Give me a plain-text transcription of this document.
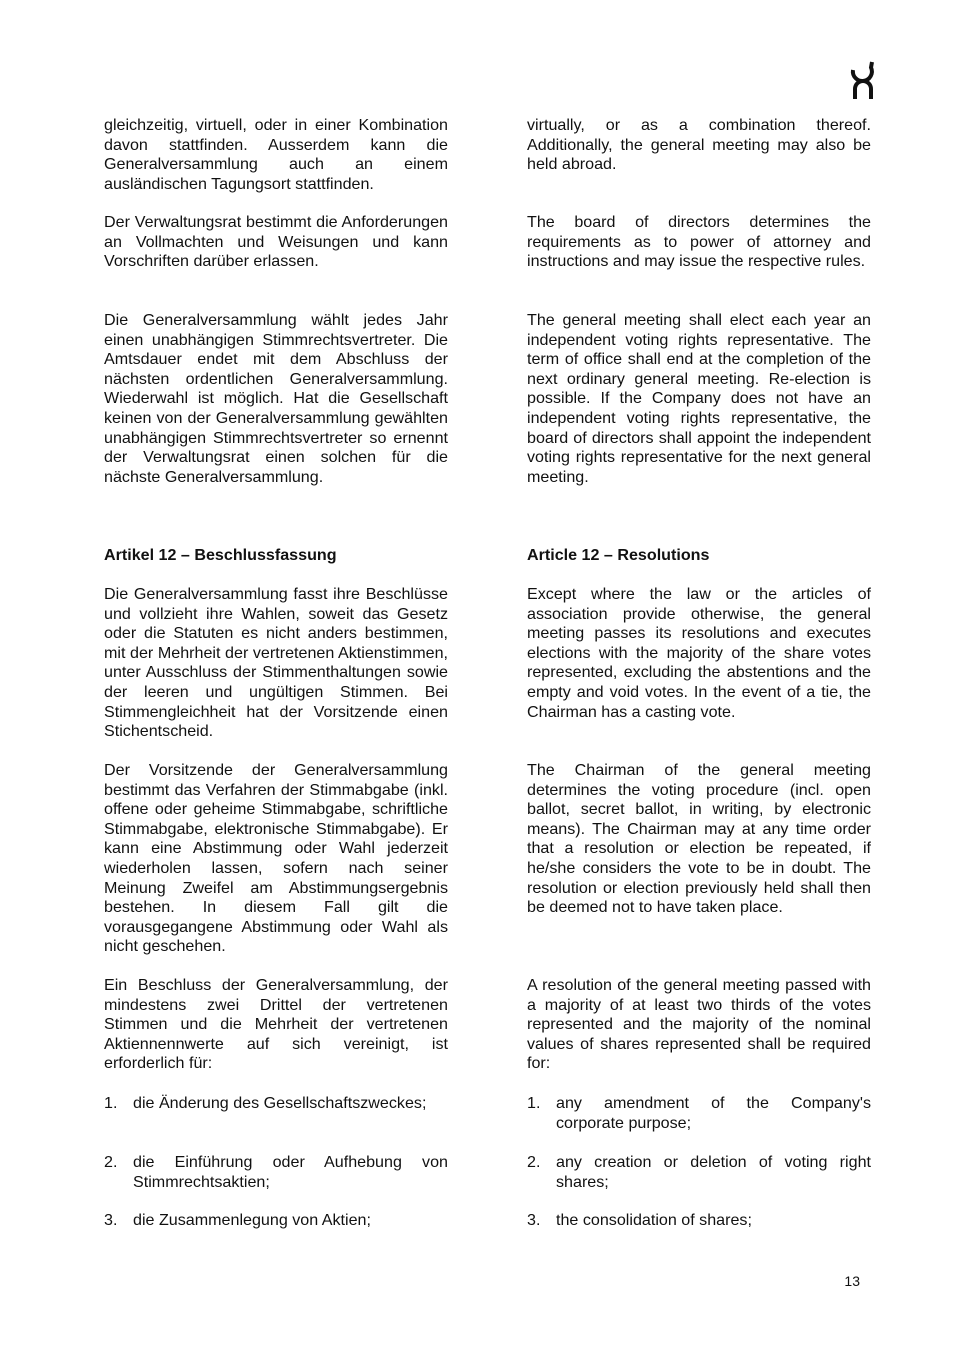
gleichzeitig, virtuell, oder in einer Kombination davon stattfinden. Ausserdem kann die Generalversammlung auch an einem ausländischen Tagungsort stattfinden.

Der Verwaltungsrat bestimmt die Anforderungen an Vollmachten und Weisungen und kann Vorschriften darüber erlassen.

Die Generalversammlung wählt jedes Jahr einen unabhängigen Stimmrechtsvertreter. Die Amtsdauer endet mit dem Abschluss der nächsten ordentlichen Generalversammlung. Wiederwahl ist möglich. Hat die Gesellschaft keinen von der Generalversammlung gewählten unabhängigen Stimmrechtsvertreter so ernennt der Verwaltungsrat einen solchen für die nächste Generalversammlung.

Artikel 12 – Beschlussfassung

Die Generalversammlung fasst ihre Beschlüsse und vollzieht ihre Wahlen, soweit das Gesetz oder die Statuten es nicht anders bestimmen, mit der Mehrheit der vertretenen Aktienstimmen, unter Ausschluss der Stimmenthaltungen sowie der leeren und ungültigen Stimmen. Bei Stimmengleichheit hat der Vorsitzende einen Stichentscheid.

Der Vorsitzende der Generalversammlung bestimmt das Verfahren der Stimmabgabe (inkl. offene oder geheime Stimmabgabe, schriftliche Stimmabgabe, elektronische Stimmabgabe). Er kann eine Abstimmung oder Wahl jederzeit wiederholen lassen, sofern nach seiner Meinung Zweifel am Abstimmungsergebnis bestehen. In diesem Fall gilt die vorausgegangene Abstimmung oder Wahl als nicht geschehen.

Ein Beschluss der Generalversammlung, der mindestens zwei Drittel der vertretenen Stimmen und die Mehrheit der vertretenen Aktiennennwerte auf sich vereinigt, ist erforderlich für:

1. die Änderung des Gesellschaftszweckes;
2. die Einführung oder Aufhebung von Stimmrechtsaktien;
3. die Zusammenlegung von Aktien;

virtually, or as a combination thereof. Additionally, the general meeting may also be held abroad.

The board of directors determines the requirements as to power of attorney and instructions and may issue the respective rules.

The general meeting shall elect each year an independent voting rights representative. The term of office shall end at the completion of the next ordinary general meeting. Re-election is possible. If the Company does not have an independent voting rights representative, the board of directors shall appoint the independent voting rights representative for the next general meeting.

Article 12 – Resolutions

Except where the law or the articles of association provide otherwise, the general meeting passes its resolutions and executes elections with the majority of the share votes represented, excluding the abstentions and the empty and void votes. In the event of a tie, the Chairman has a casting vote.

The Chairman of the general meeting determines the voting procedure (incl. open ballot, secret ballot, in writing, by electronic means). The Chairman may at any time order that a resolution or election be repeated, if he/she considers the vote to be in doubt. The resolution or election previously held shall then be deemed not to have taken place.

A resolution of the general meeting passed with a majority of at least two thirds of the votes represented and the majority of the nominal values of shares represented shall be required for:

1. any amendment of the Company's corporate purpose;
2. any creation or deletion of voting right shares;
3. the consolidation of shares;
13
